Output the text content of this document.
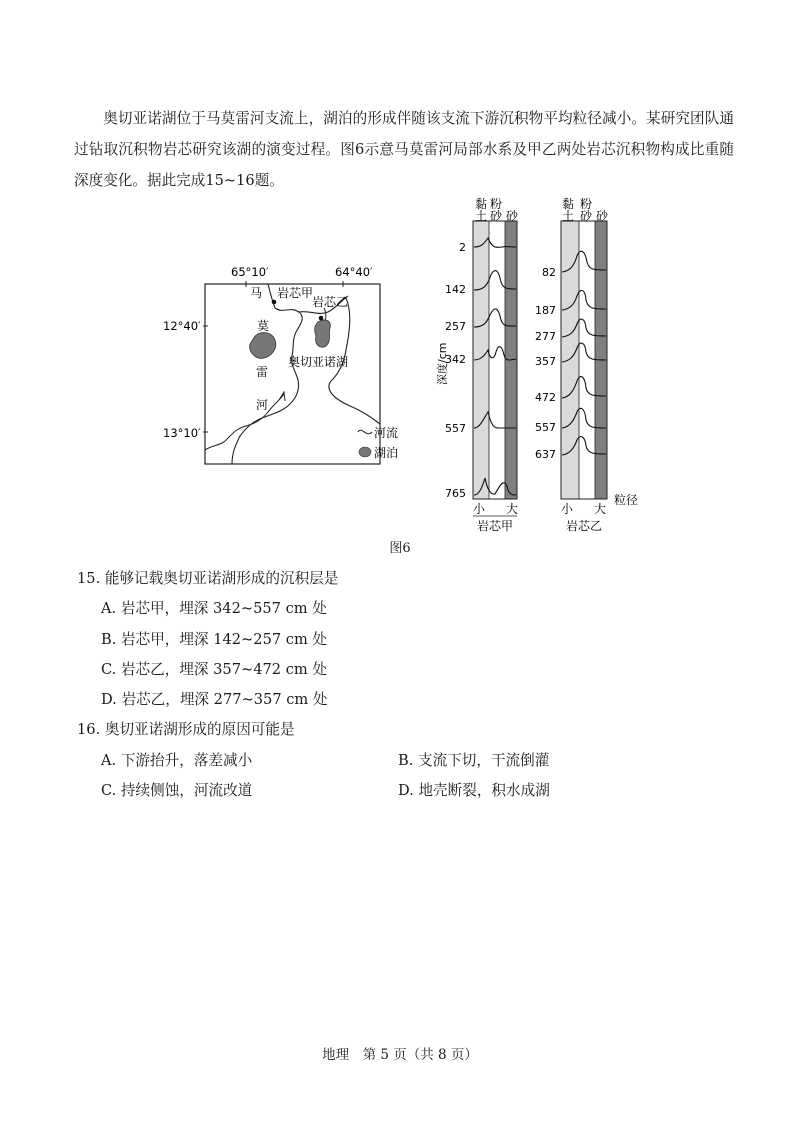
奥切亚诺湖位于马莫雷河支流上，湖泊的形成伴随该支流下游沉积物平均粒径减小。某研究团队通过钻取沉积物岩芯研究该湖的演变过程。图6示意马莫雷河局部水系及甲乙两处岩芯沉积物构成比重随深度变化。据此完成15~16题。

65°10′	64°40′
12°40′
13°10′
岩芯甲
岩芯乙
奥切亚诺湖
马
莫
雷
河
河流
湖泊
黏
土
粉
砂 砂
黏
土
粉
砂 砂
深度/cm
2
142
257
342
557
765
82
187
277
357
472
557
637
小 大	小 大
岩芯甲	岩芯乙
粒径
图6
15. 能够记载奥切亚诺湖形成的沉积层是
A. 岩芯甲，埋深 342~557 cm 处
B. 岩芯甲，埋深 142~257 cm 处
C. 岩芯乙，埋深 357~472 cm 处
D. 岩芯乙，埋深 277~357 cm 处
16. 奥切亚诺湖形成的原因可能是
A. 下游抬升，落差减小	B. 支流下切，干流倒灌
C. 持续侧蚀，河流改道	D. 地壳断裂，积水成湖
地理　第 5 页（共 8 页）
